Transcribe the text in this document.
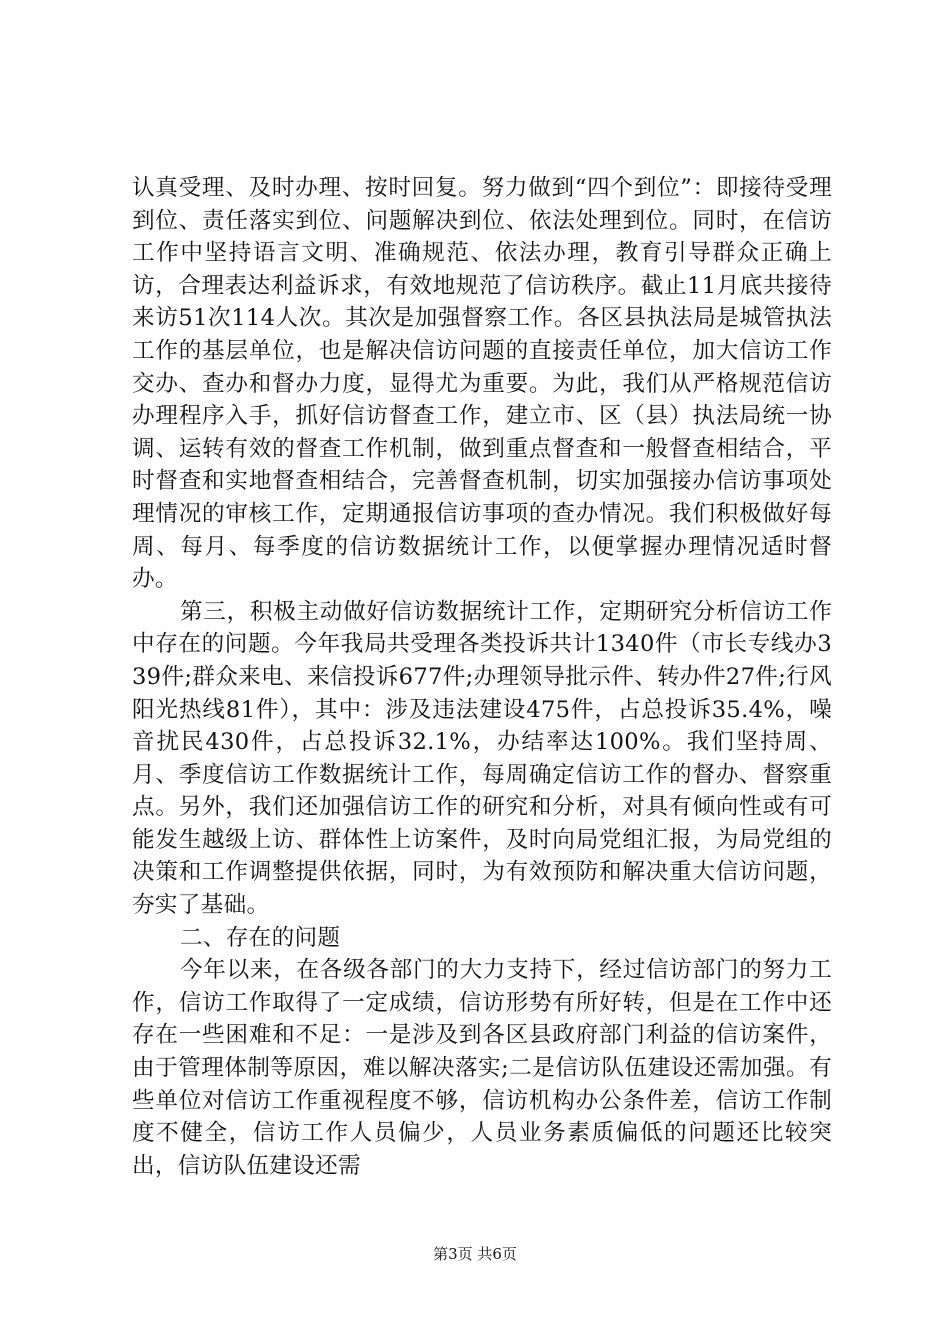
认真受理、及时办理、按时回复。努力做到“四个到位”：即接待受理到位、责任落实到位、问题解决到位、依法处理到位。同时，在信访工作中坚持语言文明、准确规范、依法办理，教育引导群众正确上访，合理表达利益诉求，有效地规范了信访秩序。截止11月底共接待来访51次114人次。其次是加强督察工作。各区县执法局是城管执法工作的基层单位，也是解决信访问题的直接责任单位，加大信访工作交办、查办和督办力度，显得尤为重要。为此，我们从严格规范信访办理程序入手，抓好信访督查工作，建立市、区（县）执法局统一协调、运转有效的督查工作机制，做到重点督查和一般督查相结合，平时督查和实地督查相结合，完善督查机制，切实加强接办信访事项处理情况的审核工作，定期通报信访事项的查办情况。我们积极做好每周、每月、每季度的信访数据统计工作，以便掌握办理情况适时督办。

第三，积极主动做好信访数据统计工作，定期研究分析信访工作中存在的问题。今年我局共受理各类投诉共计1340件（市长专线办339件;群众来电、来信投诉677件;办理领导批示件、转办件27件;行风阳光热线81件），其中：涉及违法建设475件，占总投诉35.4%，噪音扰民430件，占总投诉32.1%，办结率达100%。我们坚持周、月、季度信访工作数据统计工作，每周确定信访工作的督办、督察重点。另外，我们还加强信访工作的研究和分析，对具有倾向性或有可能发生越级上访、群体性上访案件，及时向局党组汇报，为局党组的决策和工作调整提供依据，同时，为有效预防和解决重大信访问题，夯实了基础。

二、存在的问题

今年以来，在各级各部门的大力支持下，经过信访部门的努力工作，信访工作取得了一定成绩，信访形势有所好转，但是在工作中还存在一些困难和不足：一是涉及到各区县政府部门利益的信访案件，由于管理体制等原因，难以解决落实;二是信访队伍建设还需加强。有些单位对信访工作重视程度不够，信访机构办公条件差，信访工作制度不健全，信访工作人员偏少，人员业务素质偏低的问题还比较突出，信访队伍建设还需

第3页 共6页
